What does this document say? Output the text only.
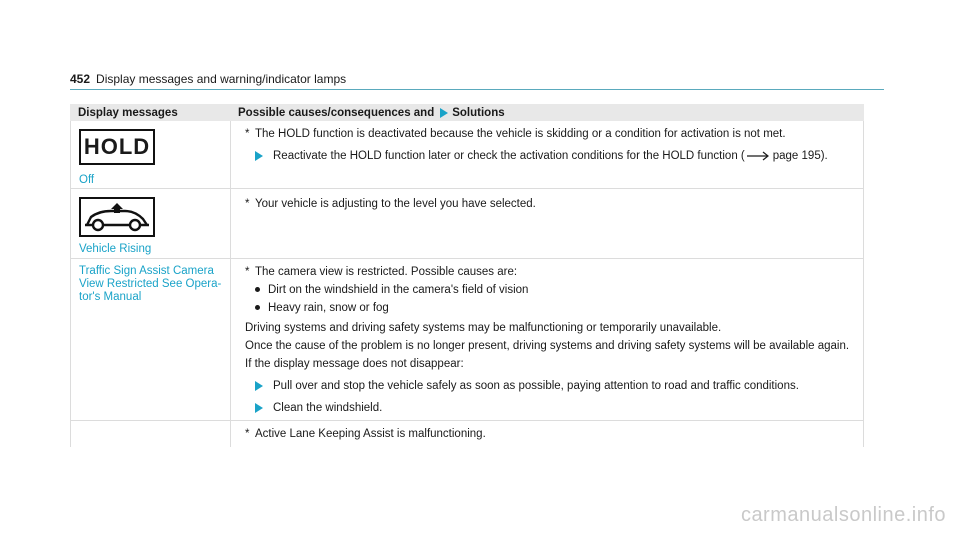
452 Display messages and warning/indicator lamps
Display messages	Possible causes/consequences and Solutions
HOLD
Off
* The HOLD function is deactivated because the vehicle is skidding or a condition for activation is not met.
Reactivate the HOLD function later or check the activation conditions for the HOLD function ( page 195).
Vehicle Rising
* Your vehicle is adjusting to the level you have selected.
Traffic Sign Assist Camera
View Restricted See Opera-
tor's Manual
* The camera view is restricted. Possible causes are:
Dirt on the windshield in the camera's field of vision
Heavy rain, snow or fog
Driving systems and driving safety systems may be malfunctioning or temporarily unavailable.
Once the cause of the problem is no longer present, driving systems and driving safety systems will be available again.
If the display message does not disappear:
Pull over and stop the vehicle safely as soon as possible, paying attention to road and traffic conditions.
Clean the windshield.
* Active Lane Keeping Assist is malfunctioning.
carmanualsonline.info
